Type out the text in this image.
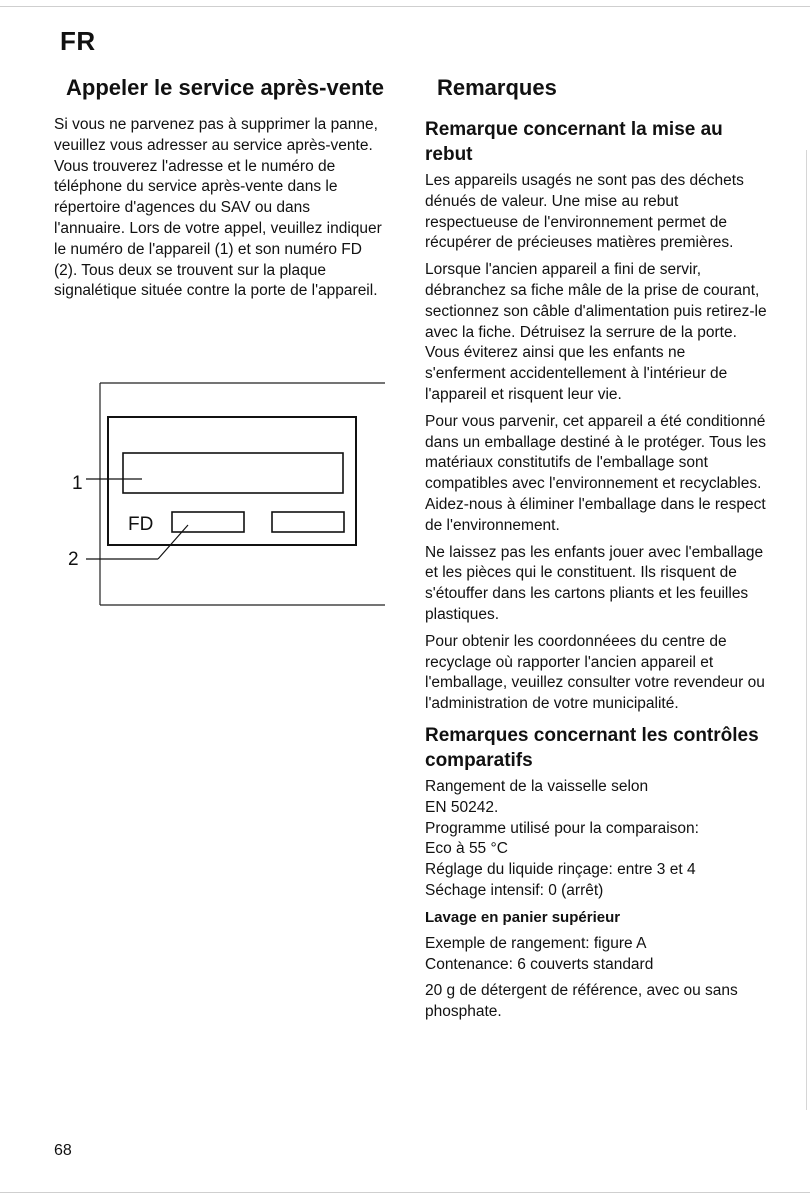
FR
Appeler le service après-vente

Si vous ne parvenez pas à supprimer la panne, veuillez vous adresser au service après-vente. Vous trouverez l'adresse et le numéro de téléphone du service après-vente dans le répertoire d'agences du SAV ou dans l'annuaire. Lors de votre appel, veuillez indiquer le numéro de l'appareil (1) et son numéro FD (2). Tous deux se trouvent sur la plaque signalétique située contre la porte de l'appareil.

1
2
FD
Remarques
Remarque concernant la mise au rebut

Les appareils usagés ne sont pas des déchets dénués de valeur. Une mise au rebut respectueuse de l'environnement permet de récupérer de précieuses matières premières.

Lorsque l'ancien appareil a fini de servir, débranchez sa fiche mâle de la prise de courant, sectionnez son câble d'alimentation puis retirez-le avec la fiche. Détruisez la serrure de la porte. Vous éviterez ainsi que les enfants ne s'enferment accidentellement à l'intérieur de l'appareil et risquent leur vie.

Pour vous parvenir, cet appareil a été conditionné dans un emballage destiné à le protéger. Tous les matériaux constitutifs de l'emballage sont compatibles avec l'environnement et recyclables. Aidez-nous à éliminer l'emballage dans le respect de l'environnement.

Ne laissez pas les enfants jouer avec l'emballage et les pièces qui le constituent. Ils risquent de s'étouffer dans les cartons pliants et les feuilles plastiques.

Pour obtenir les coordonnéees du centre de recyclage où rapporter l'ancien appareil et l'emballage, veuillez consulter votre revendeur ou l'administration de votre municipalité.

Remarques concernant les contrôles comparatifs

Rangement de la vaisselle selon

EN 50242.

Programme utilisé pour la comparaison:

Eco à 55 °C

Réglage du liquide rinçage: entre 3 et 4

Séchage intensif: 0 (arrêt)

Lavage en panier supérieur

Exemple de rangement: figure A

Contenance: 6 couverts standard

20 g de détergent de référence, avec ou sans phosphate.

68
